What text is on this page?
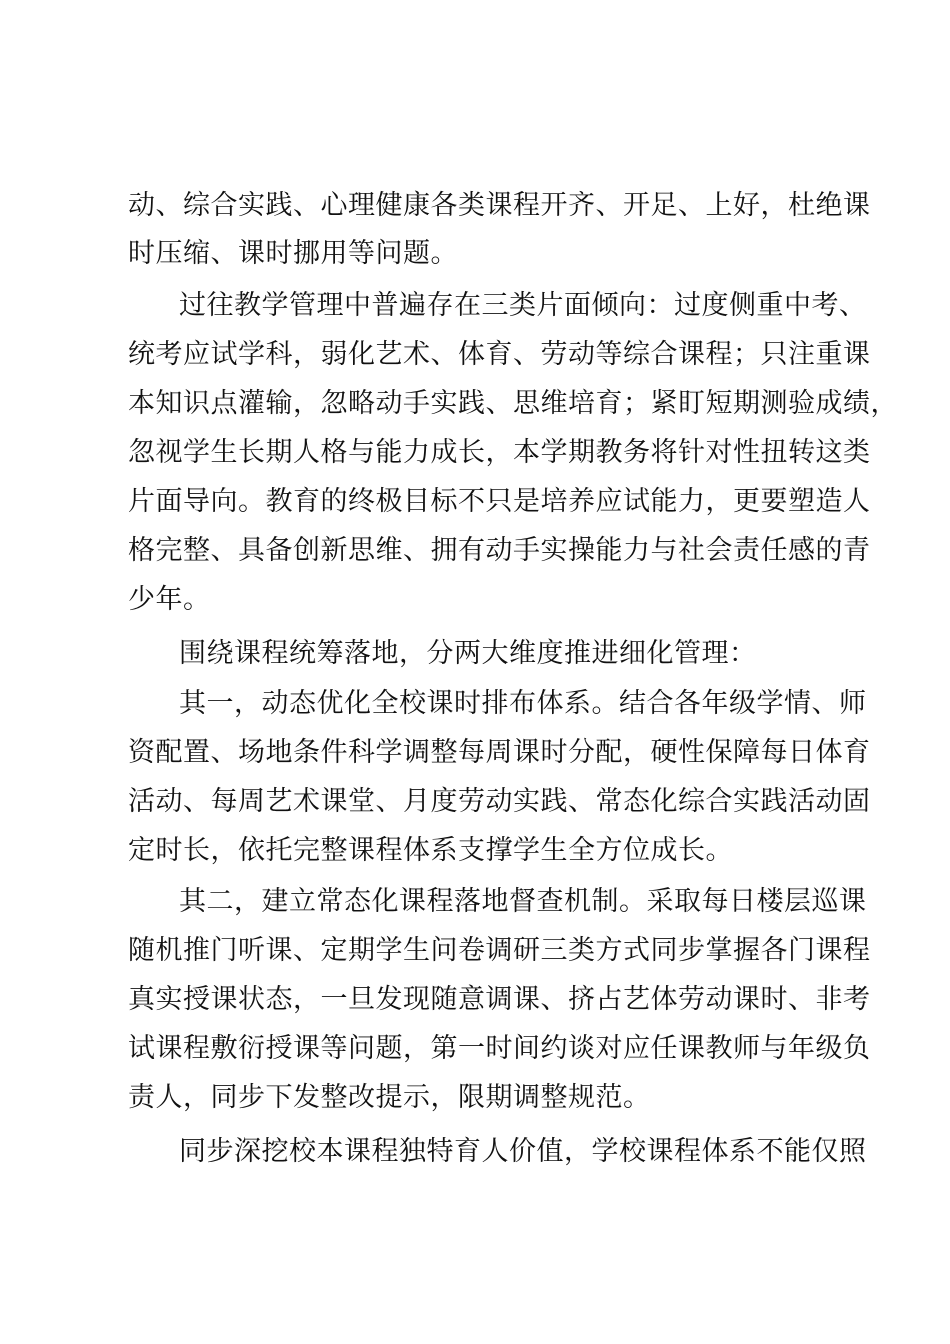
动、综合实践、心理健康各类课程开齐、开足、上好，杜绝课
时压缩、课时挪用等问题。
过往教学管理中普遍存在三类片面倾向：过度侧重中考、
统考应试学科，弱化艺术、体育、劳动等综合课程；只注重课
本知识点灌输，忽略动手实践、思维培育；紧盯短期测验成绩，
忽视学生长期人格与能力成长，本学期教务将针对性扭转这类
片面导向。教育的终极目标不只是培养应试能力，更要塑造人
格完整、具备创新思维、拥有动手实操能力与社会责任感的青
少年。
围绕课程统筹落地，分两大维度推进细化管理：
其一，动态优化全校课时排布体系。结合各年级学情、师
资配置、场地条件科学调整每周课时分配，硬性保障每日体育
活动、每周艺术课堂、月度劳动实践、常态化综合实践活动固
定时长，依托完整课程体系支撑学生全方位成长。
其二，建立常态化课程落地督查机制。采取每日楼层巡课
随机推门听课、定期学生问卷调研三类方式同步掌握各门课程
真实授课状态，一旦发现随意调课、挤占艺体劳动课时、非考
试课程敷衍授课等问题，第一时间约谈对应任课教师与年级负
责人，同步下发整改提示，限期调整规范。
同步深挖校本课程独特育人价值，学校课程体系不能仅照
